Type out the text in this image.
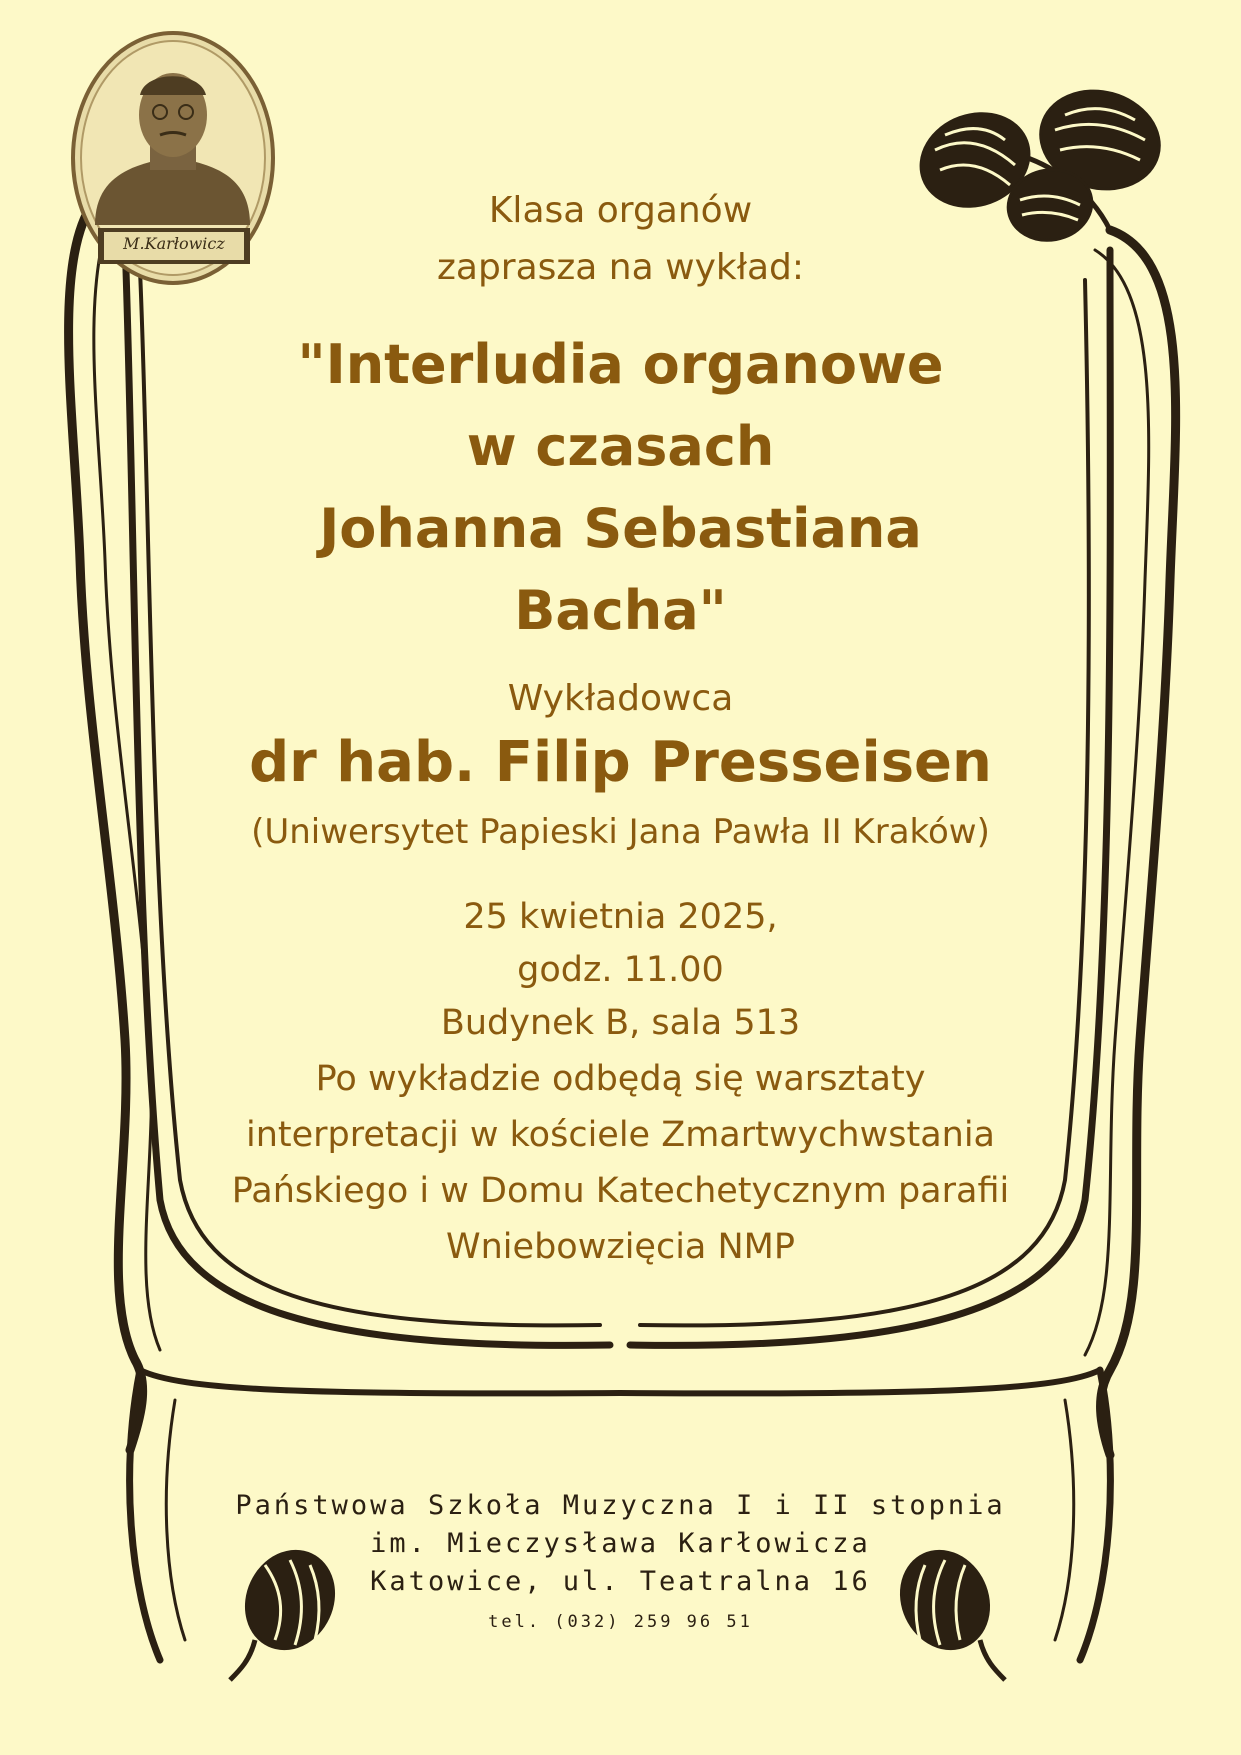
M.Karłowicz
Klasa organów
zaprasza na wykład:
"Interludia organowe
w czasach
Johanna Sebastiana
Bacha"
Wykładowca
dr hab. Filip Presseisen
(Uniwersytet Papieski Jana Pawła II Kraków)
25 kwietnia 2025,
godz. 11.00
Budynek B, sala 513
Po wykładzie odbędą się warsztaty
interpretacji w kościele Zmartwychwstania
Pańskiego i w Domu Katechetycznym parafii
Wniebowzięcia NMP
Państwowa Szkoła Muzyczna I i II stopnia
im. Mieczysława Karłowicza
Katowice, ul. Teatralna 16
tel. (032) 259 96 51
